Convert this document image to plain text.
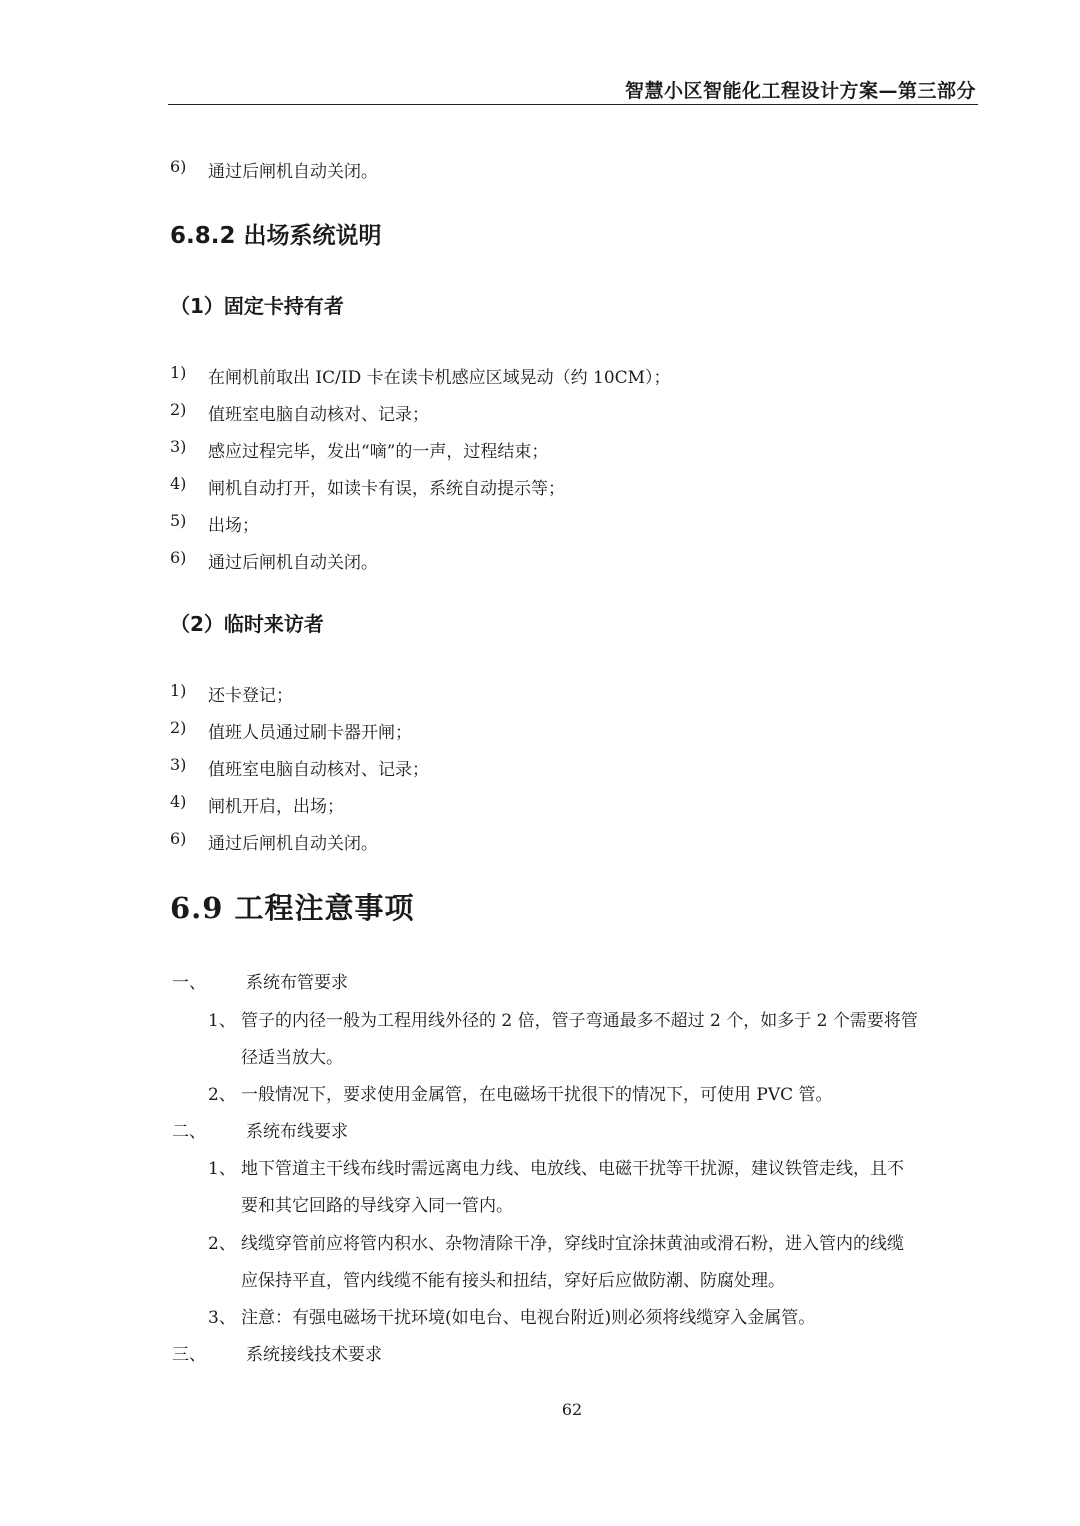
智慧小区智能化工程设计方案—第三部分
6) 通过后闸机自动关闭。
6.8.2 出场系统说明
（1）固定卡持有者
1) 在闸机前取出 IC/ID 卡在读卡机感应区域晃动（约 10CM）；
2) 值班室电脑自动核对、记录；
3) 感应过程完毕，发出“嘀”的一声，过程结束；
4) 闸机自动打开，如读卡有误，系统自动提示等；
5) 出场；
6) 通过后闸机自动关闭。
（2）临时来访者
1) 还卡登记；
2) 值班人员通过刷卡器开闸；
3) 值班室电脑自动核对、记录；
4) 闸机开启，出场；
6) 通过后闸机自动关闭。
6.9 工程注意事项
一、 系统布管要求
1、 管子的内径一般为工程用线外径的 2 倍，管子弯通最多不超过 2 个，如多于 2 个需要将管
径适当放大。
2、 一般情况下，要求使用金属管，在电磁场干扰很下的情况下，可使用 PVC 管。
二、 系统布线要求
1、 地下管道主干线布线时需远离电力线、电放线、电磁干扰等干扰源，建议铁管走线，且不
要和其它回路的导线穿入同一管内。
2、 线缆穿管前应将管内积水、杂物清除干净，穿线时宜涂抹黄油或滑石粉，进入管内的线缆
应保持平直，管内线缆不能有接头和扭结，穿好后应做防潮、防腐处理。
3、 注意：有强电磁场干扰环境(如电台、电视台附近)则必须将线缆穿入金属管。
三、 系统接线技术要求
62
